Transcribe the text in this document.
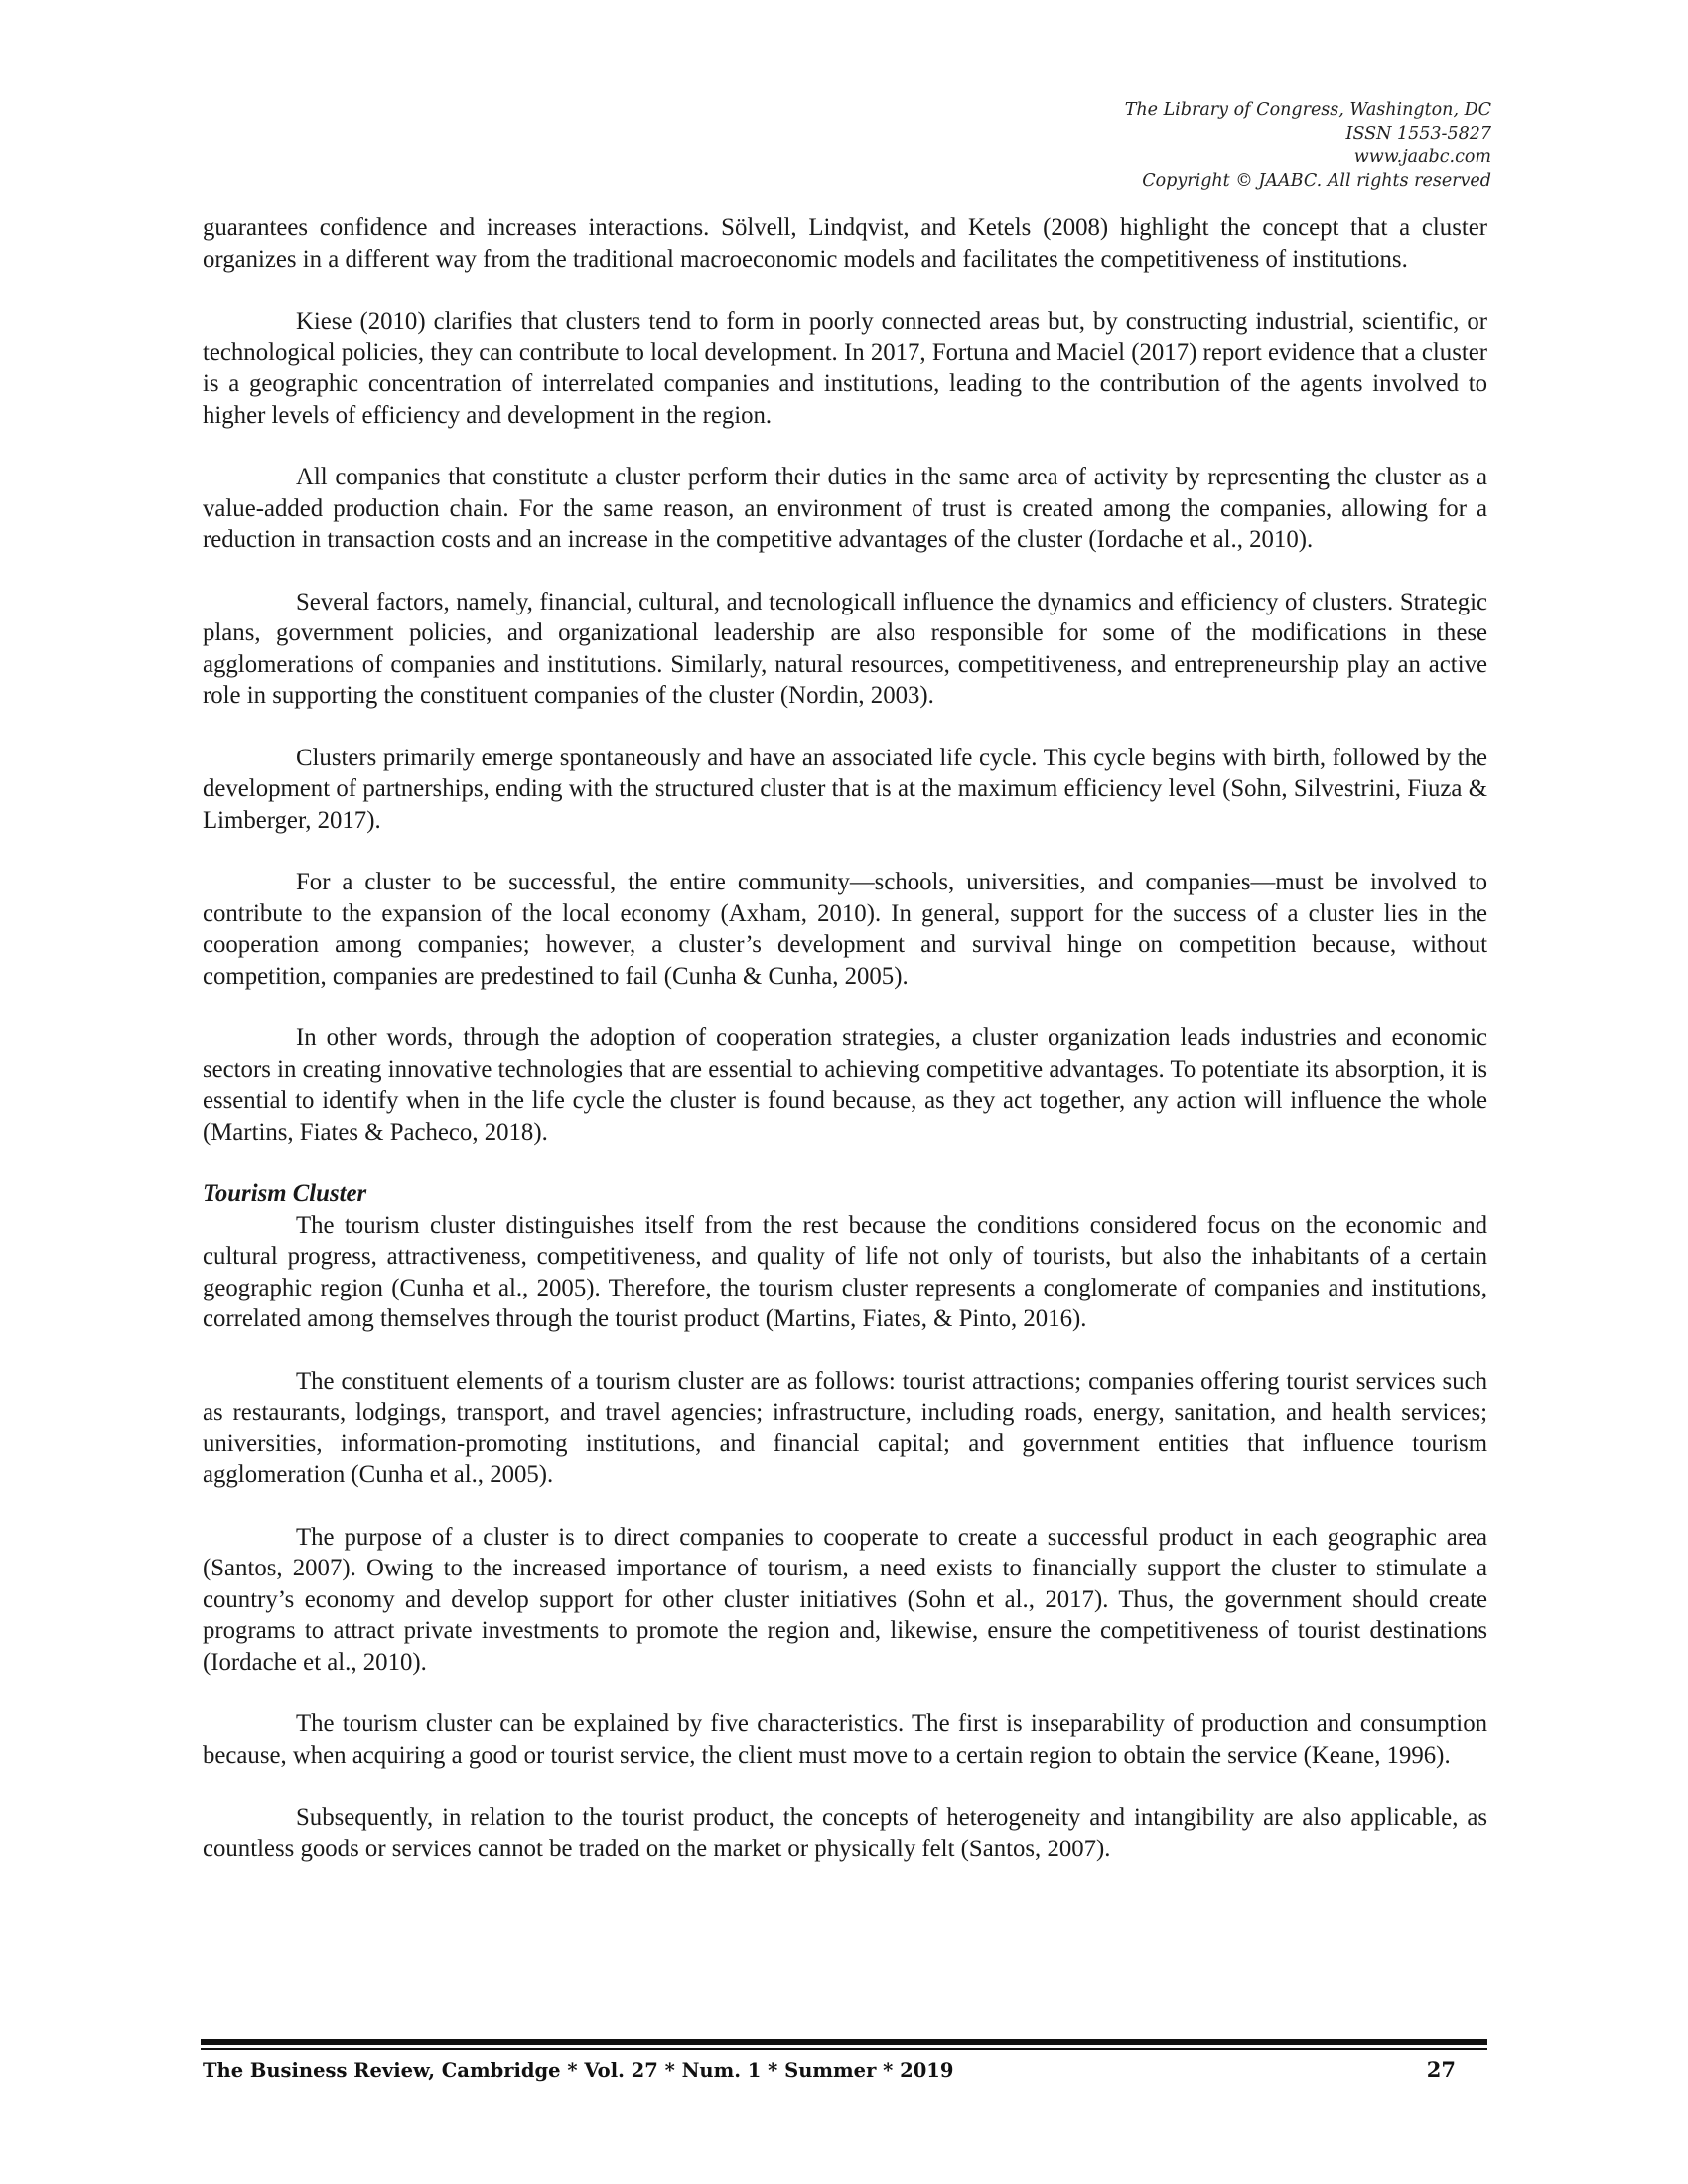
The Library of Congress, Washington, DC
ISSN 1553-5827
www.jaabc.com
Copyright © JAABC. All rights reserved

guarantees confidence and increases interactions. Sölvell, Lindqvist, and Ketels (2008) highlight the concept that a cluster organizes in a different way from the traditional macroeconomic models and facilitates the competitiveness of institutions.

Kiese (2010) clarifies that clusters tend to form in poorly connected areas but, by constructing industrial, scientific, or technological policies, they can contribute to local development. In 2017, Fortuna and Maciel (2017) report evidence that a cluster is a geographic concentration of interrelated companies and institutions, leading to the contribution of the agents involved to higher levels of efficiency and development in the region.

All companies that constitute a cluster perform their duties in the same area of activity by representing the cluster as a value-added production chain. For the same reason, an environment of trust is created among the companies, allowing for a reduction in transaction costs and an increase in the competitive advantages of the cluster (Iordache et al., 2010).

Several factors, namely, financial, cultural, and tecnologicall influence the dynamics and efficiency of clusters. Strategic plans, government policies, and organizational leadership are also responsible for some of the modifications in these agglomerations of companies and institutions. Similarly, natural resources, competitiveness, and entrepreneurship play an active role in supporting the constituent companies of the cluster (Nordin, 2003).

Clusters primarily emerge spontaneously and have an associated life cycle. This cycle begins with birth, followed by the development of partnerships, ending with the structured cluster that is at the maximum efficiency level (Sohn, Silvestrini, Fiuza & Limberger, 2017).

For a cluster to be successful, the entire community—schools, universities, and companies—must be involved to contribute to the expansion of the local economy (Axham, 2010). In general, support for the success of a cluster lies in the cooperation among companies; however, a cluster’s development and survival hinge on competition because, without competition, companies are predestined to fail (Cunha & Cunha, 2005).

In other words, through the adoption of cooperation strategies, a cluster organization leads industries and economic sectors in creating innovative technologies that are essential to achieving competitive advantages. To potentiate its absorption, it is essential to identify when in the life cycle the cluster is found because, as they act together, any action will influence the whole (Martins, Fiates & Pacheco, 2018).

Tourism Cluster

The tourism cluster distinguishes itself from the rest because the conditions considered focus on the economic and cultural progress, attractiveness, competitiveness, and quality of life not only of tourists, but also the inhabitants of a certain geographic region (Cunha et al., 2005). Therefore, the tourism cluster represents a conglomerate of companies and institutions, correlated among themselves through the tourist product (Martins, Fiates, & Pinto, 2016).

The constituent elements of a tourism cluster are as follows: tourist attractions; companies offering tourist services such as restaurants, lodgings, transport, and travel agencies; infrastructure, including roads, energy, sanitation, and health services; universities, information-promoting institutions, and financial capital; and government entities that influence tourism agglomeration (Cunha et al., 2005).

The purpose of a cluster is to direct companies to cooperate to create a successful product in each geographic area (Santos, 2007). Owing to the increased importance of tourism, a need exists to financially support the cluster to stimulate a country’s economy and develop support for other cluster initiatives (Sohn et al., 2017). Thus, the government should create programs to attract private investments to promote the region and, likewise, ensure the competitiveness of tourist destinations (Iordache et al., 2010).

The tourism cluster can be explained by five characteristics. The first is inseparability of production and consumption because, when acquiring a good or tourist service, the client must move to a certain region to obtain the service (Keane, 1996).

Subsequently, in relation to the tourist product, the concepts of heterogeneity and intangibility are also applicable, as countless goods or services cannot be traded on the market or physically felt (Santos, 2007).

The Business Review, Cambridge * Vol. 27 * Num. 1 * Summer * 2019	27
